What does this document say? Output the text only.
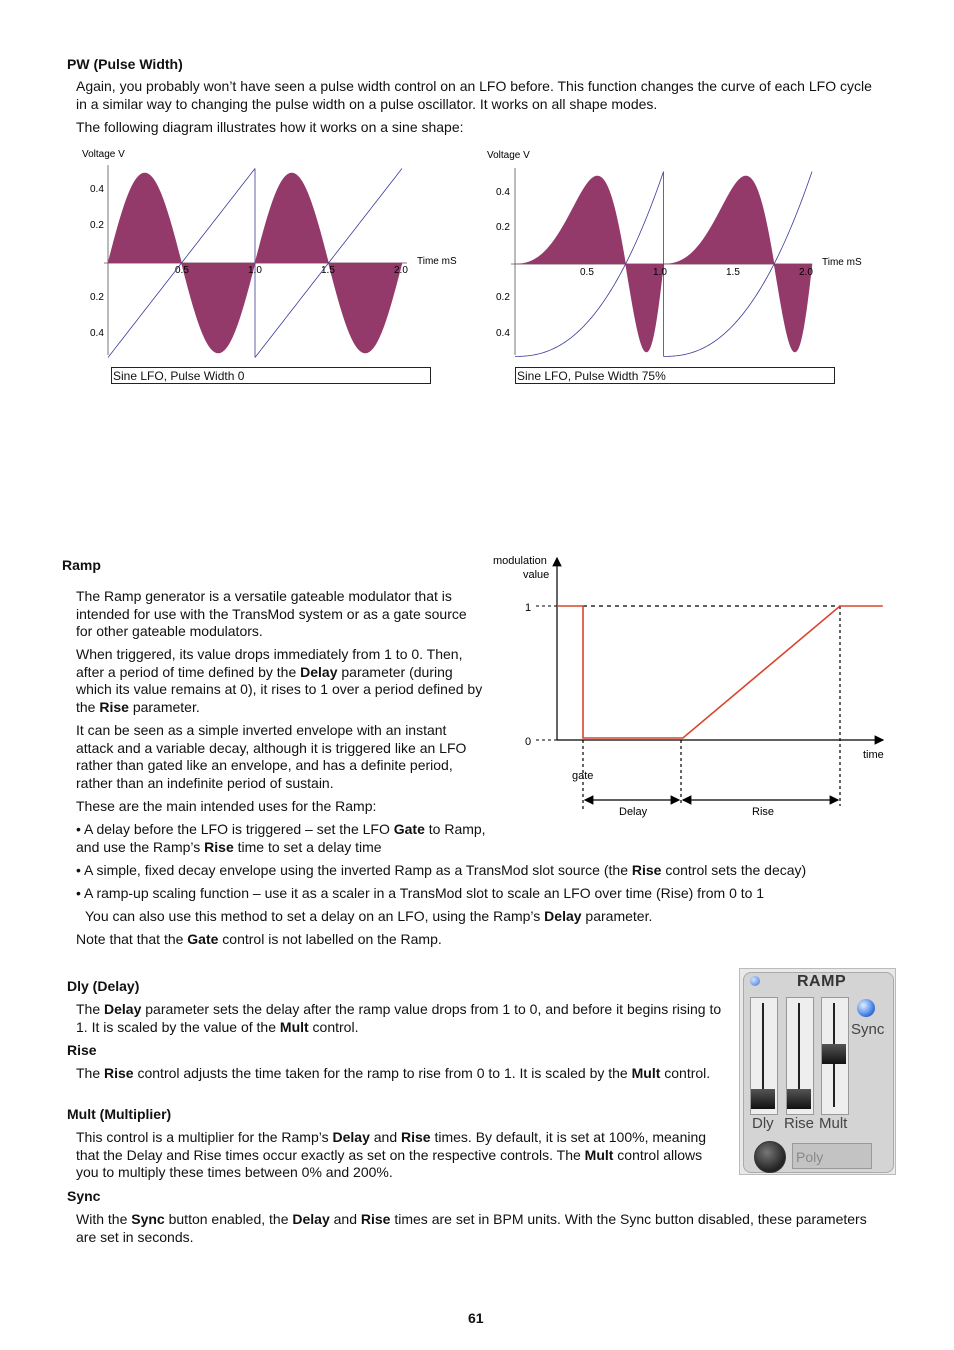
PW (Pulse Width)
Again, you probably won’t have seen a pulse width control on an LFO before. This function changes the curve of each LFO cycle in a similar way to changing the pulse width on a pulse oscillator. It works on all shape modes.
The following diagram illustrates how it works on a sine shape:
Voltage V
0.4
0.2
0.2
0.4
0.5	1.0	1.5	2.0
Time mS
Sine LFO, Pulse Width 0
Voltage V
0.4
0.2
0.2
0.4
0.5	1.0	1.5	2.0
Time mS
Sine LFO, Pulse Width 75%
Ramp
The Ramp generator is a versatile gateable modulator that is intended for use with the TransMod system or as a gate source for other gateable modulators.
When triggered, its value drops immediately from 1 to 0. Then, after a period of time defined by the Delay parameter (during which its value remains at 0), it rises to 1 over a period defined by the Rise parameter.
It can be seen as a simple inverted envelope with an instant attack and a variable decay, although it is triggered like an LFO rather than gated like an envelope, and has a definite period, rather than an indefinite period of sustain.
These are the main intended uses for the Ramp:
• A delay before the LFO is triggered – set the LFO Gate to Ramp, and use the Ramp’s Rise time to set a delay time
• A simple, fixed decay envelope using the inverted Ramp as a TransMod slot source (the Rise control sets the decay)
• A ramp-up scaling function – use it as a scaler in a TransMod slot to scale an LFO over time (Rise) from 0 to 1
You can also use this method to set a delay on an LFO, using the Ramp’s Delay parameter.
Note that that the Gate control is not labelled on the Ramp.
modulation
value
1
0
gate
time
Delay	Rise
Dly (Delay)
The Delay parameter sets the delay after the ramp value drops from 1 to 0, and before it begins rising to 1. It is scaled by the value of the Mult control.
Rise
The Rise control adjusts the time taken for the ramp to rise from 0 to 1. It is scaled by the Mult control.
Mult (Multiplier)
This control is a multiplier for the Ramp’s Delay and Rise times. By default, it is set at 100%, meaning that the Delay and Rise times occur exactly as set on the respective controls. The Mult control allows you to multiply these times between 0% and 200%.
Sync
With the Sync button enabled, the Delay and Rise times are set in BPM units. With the Sync button disabled, these parameters are set in seconds.
RAMP
Sync
Dly Rise Mult
Poly
61
